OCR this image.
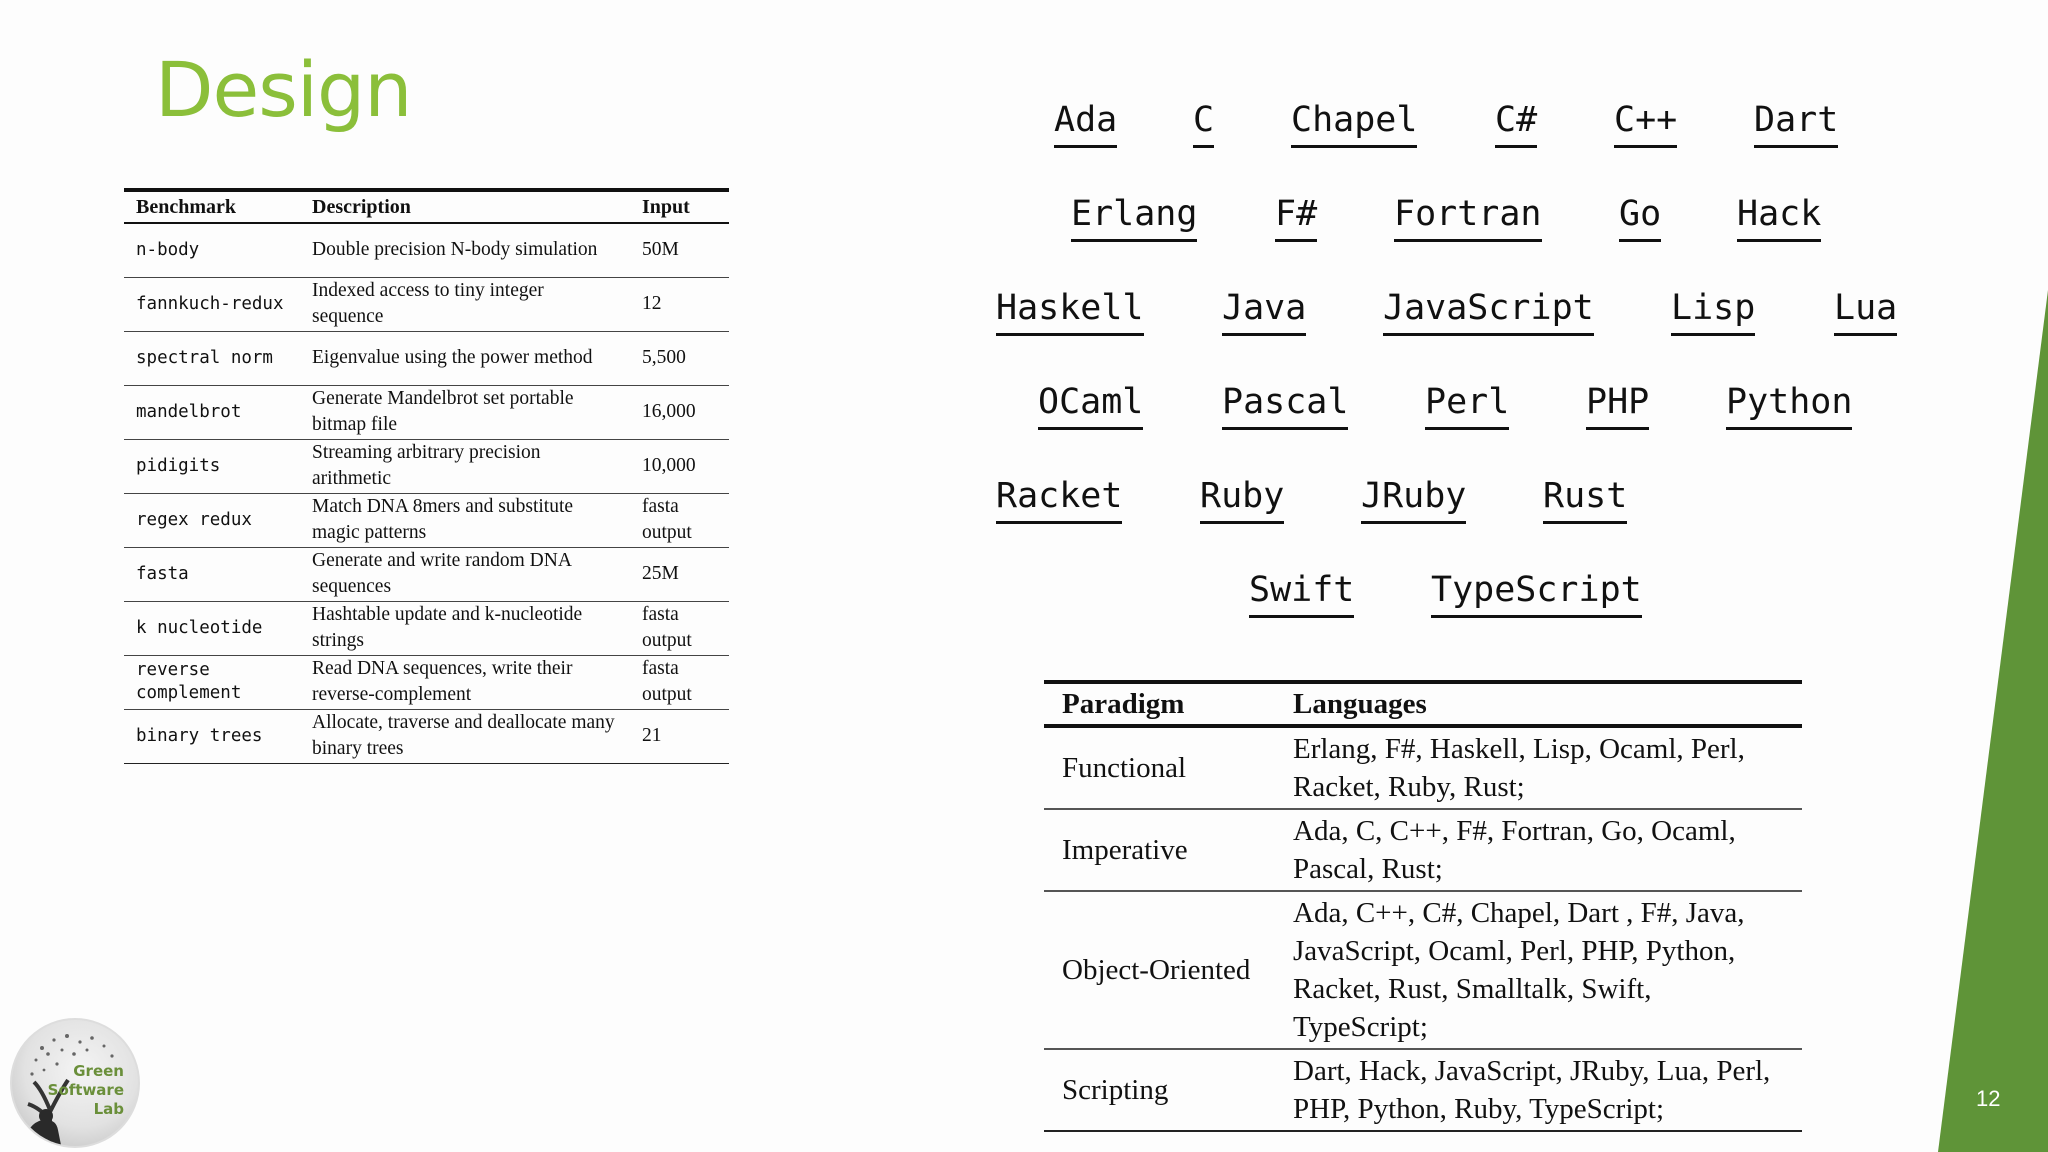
Design
Benchmark	Description	Input
n-body	Double precision N-body simulation	50M
fannkuch-redux	Indexed access to tiny integer sequence	12
spectral norm	Eigenvalue using the power method	5,500
mandelbrot	Generate Mandelbrot set portable bitmap file	16,000
pidigits	Streaming arbitrary precision arithmetic	10,000
regex redux	Match DNA 8mers and substitute magic patterns	fasta output
fasta	Generate and write random DNA sequences	25M
k nucleotide	Hashtable update and k-nucleotide strings	fasta output
reverse complement	Read DNA sequences, write their reverse-complement	fasta output
binary trees	Allocate, traverse and deallocate many binary trees	21
Ada C Chapel C# C++ Dart
Erlang F# Fortran Go Hack
Haskell Java JavaScript Lisp Lua
OCaml Pascal Perl PHP Python
Racket Ruby JRuby Rust
Swift TypeScript
Paradigm	Languages
Functional	Erlang, F#, Haskell, Lisp, Ocaml, Perl, Racket, Ruby, Rust;
Imperative	Ada, C, C++, F#, Fortran, Go, Ocaml, Pascal, Rust;
Object-Oriented	Ada, C++, C#, Chapel, Dart , F#, Java, JavaScript, Ocaml, Perl, PHP, Python, Racket, Rust, Smalltalk, Swift, TypeScript;
Scripting	Dart, Hack, JavaScript, JRuby, Lua, Perl, PHP, Python, Ruby, TypeScript;	12
Green
Software
Lab
